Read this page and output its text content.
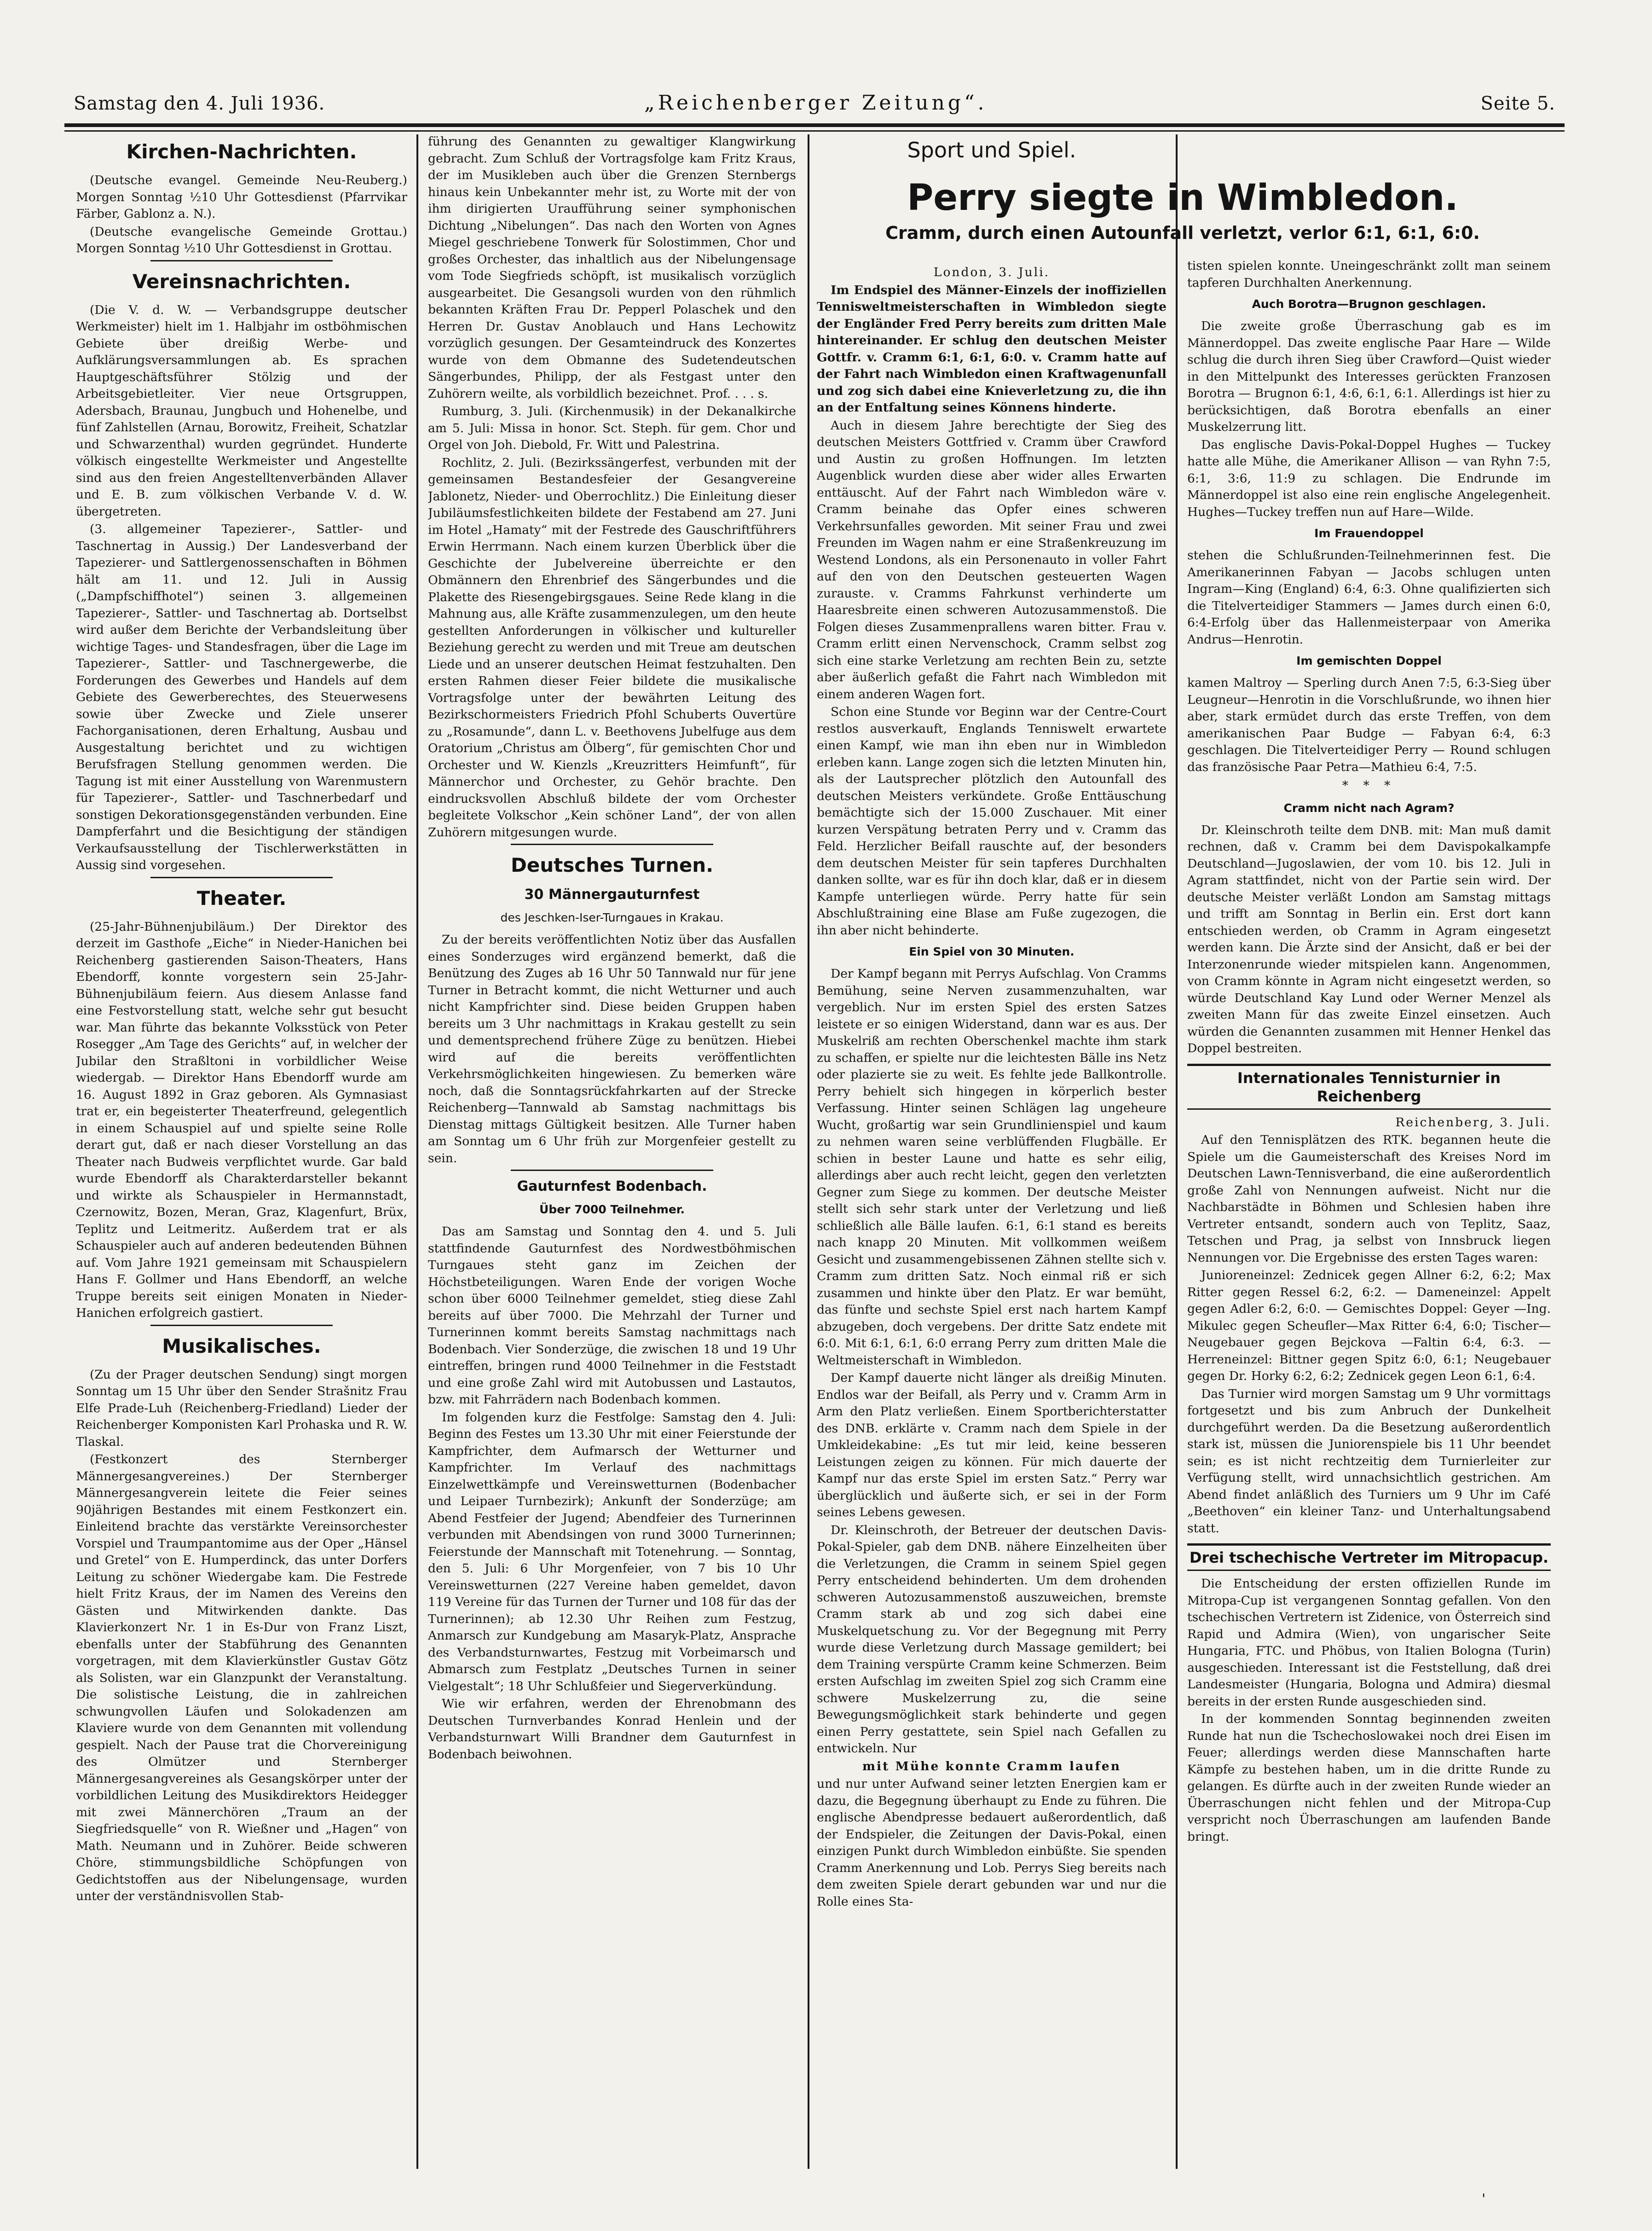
Samstag den 4. Juli 1936.	„Reichenberger Zeitung“.	Seite 5.
Kirchen-Nachrichten.

(Deutsche evangel. Gemeinde Neu-Reuberg.) Morgen Sonntag ½10 Uhr Gottesdienst (Pfarrvikar Färber, Gablonz a. N.).

(Deutsche evangelische Gemeinde Grottau.) Morgen Sonntag ½10 Uhr Gottesdienst in Grottau.

Vereinsnachrichten.

(Die V. d. W. — Verbandsgruppe deutscher Werkmeister) hielt im 1. Halbjahr im ostböhmischen Gebiete über dreißig Werbe- und Aufklärungsversammlungen ab. Es sprachen Hauptgeschäftsführer Stölzig und der Arbeitsgebietleiter. Vier neue Ortsgruppen, Adersbach, Braunau, Jungbuch und Hohenelbe, und fünf Zahlstellen (Arnau, Borowitz, Freiheit, Schatzlar und Schwarzenthal) wurden gegründet. Hunderte völkisch eingestellte Werkmeister und Angestellte sind aus den freien Angestelltenverbänden Allaver und E. B. zum völkischen Verbande V. d. W. übergetreten.

(3. allgemeiner Tapezierer-, Sattler- und Taschnertag in Aussig.) Der Landesverband der Tapezierer- und Sattlergenossenschaften in Böhmen hält am 11. und 12. Juli in Aussig („Dampfschiffhotel“) seinen 3. allgemeinen Tapezierer-, Sattler- und Taschnertag ab. Dortselbst wird außer dem Berichte der Verbandsleitung über wichtige Tages- und Standesfragen, über die Lage im Tapezierer-, Sattler- und Taschnergewerbe, die Forderungen des Gewerbes und Handels auf dem Gebiete des Gewerberechtes, des Steuerwesens sowie über Zwecke und Ziele unserer Fachorganisationen, deren Erhaltung, Ausbau und Ausgestaltung berichtet und zu wichtigen Berufsfragen Stellung genommen werden. Die Tagung ist mit einer Ausstellung von Warenmustern für Tapezierer-, Sattler- und Taschnerbedarf und sonstigen Dekorationsgegenständen verbunden. Eine Dampferfahrt und die Besichtigung der ständigen Verkaufsausstellung der Tischlerwerkstätten in Aussig sind vorgesehen.

Theater.

(25-Jahr-Bühnenjubiläum.) Der Direktor des derzeit im Gasthofe „Eiche“ in Nieder-Hanichen bei Reichenberg gastierenden Saison-Theaters, Hans Ebendorff, konnte vorgestern sein 25-Jahr-Bühnenjubiläum feiern. Aus diesem Anlasse fand eine Festvorstellung statt, welche sehr gut besucht war. Man führte das bekannte Volksstück von Peter Rosegger „Am Tage des Gerichts“ auf, in welcher der Jubilar den Straßltoni in vorbildlicher Weise wiedergab. — Direktor Hans Ebendorff wurde am 16. August 1892 in Graz geboren. Als Gymnasiast trat er, ein begeisterter Theaterfreund, gelegentlich in einem Schauspiel auf und spielte seine Rolle derart gut, daß er nach dieser Vorstellung an das Theater nach Budweis verpflichtet wurde. Gar bald wurde Ebendorff als Charakterdarsteller bekannt und wirkte als Schauspieler in Hermannstadt, Czernowitz, Bozen, Meran, Graz, Klagenfurt, Brüx, Teplitz und Leitmeritz. Außerdem trat er als Schauspieler auch auf anderen bedeutenden Bühnen auf. Vom Jahre 1921 gemeinsam mit Schauspielern Hans F. Gollmer und Hans Ebendorff, an welche Truppe bereits seit einigen Monaten in Nieder-Hanichen erfolgreich gastiert.

Musikalisches.

(Zu der Prager deutschen Sendung) singt morgen Sonntag um 15 Uhr über den Sender Strašnitz Frau Elfe Prade-Luh (Reichenberg-Friedland) Lieder der Reichenberger Komponisten Karl Prohaska und R. W. Tlaskal.

(Festkonzert des Sternberger Männergesangvereines.) Der Sternberger Männergesangverein leitete die Feier seines 90jährigen Bestandes mit einem Festkonzert ein. Einleitend brachte das verstärkte Vereinsorchester Vorspiel und Traumpantomime aus der Oper „Hänsel und Gretel“ von E. Humperdinck, das unter Dorfers Leitung zu schöner Wiedergabe kam. Die Festrede hielt Fritz Kraus, der im Namen des Vereins den Gästen und Mitwirkenden dankte. Das Klavierkonzert Nr. 1 in Es-Dur von Franz Liszt, ebenfalls unter der Stabführung des Genannten vorgetragen, mit dem Klavierkünstler Gustav Götz als Solisten, war ein Glanzpunkt der Veranstaltung. Die solistische Leistung, die in zahlreichen schwungvollen Läufen und Solokadenzen am Klaviere wurde von dem Genannten mit vollendung gespielt. Nach der Pause trat die Chorvereinigung des Olmützer und Sternberger Männergesangvereines als Gesangskörper unter der vorbildlichen Leitung des Musikdirektors Heidegger mit zwei Männerchören „Traum an der Siegfriedsquelle“ von R. Wießner und „Hagen“ von Math. Neumann und in Zuhörer. Beide schweren Chöre, stimmungsbildliche Schöpfungen von Gedichtstoffen aus der Nibelungensage, wurden unter der verständnisvollen Stab-

führung des Genannten zu gewaltiger Klangwirkung gebracht. Zum Schluß der Vortragsfolge kam Fritz Kraus, der im Musikleben auch über die Grenzen Sternbergs hinaus kein Unbekannter mehr ist, zu Worte mit der von ihm dirigierten Uraufführung seiner symphonischen Dichtung „Nibelungen“. Das nach den Worten von Agnes Miegel geschriebene Tonwerk für Solostimmen, Chor und großes Orchester, das inhaltlich aus der Nibelungensage vom Tode Siegfrieds schöpft, ist musikalisch vorzüglich ausgearbeitet. Die Gesangsoli wurden von den rühmlich bekannten Kräften Frau Dr. Pepperl Polaschek und den Herren Dr. Gustav Anoblauch und Hans Lechowitz vorzüglich gesungen. Der Gesamteindruck des Konzertes wurde von dem Obmanne des Sudetendeutschen Sängerbundes, Philipp, der als Festgast unter den Zuhörern weilte, als vorbildlich bezeichnet. Prof. . . . s.

Rumburg, 3. Juli. (Kirchenmusik) in der Dekanalkirche am 5. Juli: Missa in honor. Sct. Steph. für gem. Chor und Orgel von Joh. Diebold, Fr. Witt und Palestrina.

Rochlitz, 2. Juli. (Bezirkssängerfest, verbunden mit der gemeinsamen Bestandesfeier der Gesangvereine Jablonetz, Nieder- und Oberrochlitz.) Die Einleitung dieser Jubiläumsfestlichkeiten bildete der Festabend am 27. Juni im Hotel „Hamaty“ mit der Festrede des Gauschriftführers Erwin Herrmann. Nach einem kurzen Überblick über die Geschichte der Jubelvereine überreichte er den Obmännern den Ehrenbrief des Sängerbundes und die Plakette des Riesengebirgsgaues. Seine Rede klang in die Mahnung aus, alle Kräfte zusammenzulegen, um den heute gestellten Anforderungen in völkischer und kultureller Beziehung gerecht zu werden und mit Treue am deutschen Liede und an unserer deutschen Heimat festzuhalten. Den ersten Rahmen dieser Feier bildete die musikalische Vortragsfolge unter der bewährten Leitung des Bezirkschormeisters Friedrich Pfohl Schuberts Ouvertüre zu „Rosamunde“, dann L. v. Beethovens Jubelfuge aus dem Oratorium „Christus am Ölberg“, für gemischten Chor und Orchester und W. Kienzls „Kreuzritters Heimfunft“, für Männerchor und Orchester, zu Gehör brachte. Den eindrucksvollen Abschluß bildete der vom Orchester begleitete Volkschor „Kein schöner Land“, der von allen Zuhörern mitgesungen wurde.

Deutsches Turnen.
30 Männergauturnfest
des Jeschken-Iser-Turngaues in Krakau.

Zu der bereits veröffentlichten Notiz über das Ausfallen eines Sonderzuges wird ergänzend bemerkt, daß die Benützung des Zuges ab 16 Uhr 50 Tannwald nur für jene Turner in Betracht kommt, die nicht Wetturner und auch nicht Kampfrichter sind. Diese beiden Gruppen haben bereits um 3 Uhr nachmittags in Krakau gestellt zu sein und dementsprechend frühere Züge zu benützen. Hiebei wird auf die bereits veröffentlichten Verkehrsmöglichkeiten hingewiesen. Zu bemerken wäre noch, daß die Sonntagsrückfahrkarten auf der Strecke Reichenberg—Tannwald ab Samstag nachmittags bis Dienstag mittags Gültigkeit besitzen. Alle Turner haben am Sonntag um 6 Uhr früh zur Morgenfeier gestellt zu sein.

Gauturnfest Bodenbach.
Über 7000 Teilnehmer.

Das am Samstag und Sonntag den 4. und 5. Juli stattfindende Gauturnfest des Nordwestböhmischen Turngaues steht ganz im Zeichen der Höchstbeteiligungen. Waren Ende der vorigen Woche schon über 6000 Teilnehmer gemeldet, stieg diese Zahl bereits auf über 7000. Die Mehrzahl der Turner und Turnerinnen kommt bereits Samstag nachmittags nach Bodenbach. Vier Sonderzüge, die zwischen 18 und 19 Uhr eintreffen, bringen rund 4000 Teilnehmer in die Feststadt und eine große Zahl wird mit Autobussen und Lastautos, bzw. mit Fahrrädern nach Bodenbach kommen.

Im folgenden kurz die Festfolge: Samstag den 4. Juli: Beginn des Festes um 13.30 Uhr mit einer Feierstunde der Kampfrichter, dem Aufmarsch der Wetturner und Kampfrichter. Im Verlauf des nachmittags Einzelwettkämpfe und Vereinswetturnen (Bodenbacher und Leipaer Turnbezirk); Ankunft der Sonderzüge; am Abend Festfeier der Jugend; Abendfeier des Turnerinnen verbunden mit Abendsingen von rund 3000 Turnerinnen; Feierstunde der Mannschaft mit Totenehrung. — Sonntag, den 5. Juli: 6 Uhr Morgenfeier, von 7 bis 10 Uhr Vereinswetturnen (227 Vereine haben gemeldet, davon 119 Vereine für das Turnen der Turner und 108 für das der Turnerinnen); ab 12.30 Uhr Reihen zum Festzug, Anmarsch zur Kundgebung am Masaryk-Platz, Ansprache des Verbandsturnwartes, Festzug mit Vorbeimarsch und Abmarsch zum Festplatz „Deutsches Turnen in seiner Vielgestalt“; 18 Uhr Schlußfeier und Siegerverkündung.

Wie wir erfahren, werden der Ehrenobmann des Deutschen Turnverbandes Konrad Henlein und der Verbandsturnwart Willi Brandner dem Gauturnfest in Bodenbach beiwohnen.

Sport und Spiel.

London, 3. Juli.

Im Endspiel des Männer-Einzels der inoffiziellen Tennisweltmeisterschaften in Wimbledon siegte der Engländer Fred Perry bereits zum dritten Male hintereinander. Er schlug den deutschen Meister Gottfr. v. Cramm 6:1, 6:1, 6:0. v. Cramm hatte auf der Fahrt nach Wimbledon einen Kraftwagenunfall und zog sich dabei eine Knieverletzung zu, die ihn an der Entfaltung seines Könnens hinderte.

Auch in diesem Jahre berechtigte der Sieg des deutschen Meisters Gottfried v. Cramm über Crawford und Austin zu großen Hoffnungen. Im letzten Augenblick wurden diese aber wider alles Erwarten enttäuscht. Auf der Fahrt nach Wimbledon wäre v. Cramm beinahe das Opfer eines schweren Verkehrsunfalles geworden. Mit seiner Frau und zwei Freunden im Wagen nahm er eine Straßenkreuzung im Westend Londons, als ein Personenauto in voller Fahrt auf den von den Deutschen gesteuerten Wagen zurauste. v. Cramms Fahrkunst verhinderte um Haaresbreite einen schweren Autozusammenstoß. Die Folgen dieses Zusammenprallens waren bitter. Frau v. Cramm erlitt einen Nervenschock, Cramm selbst zog sich eine starke Verletzung am rechten Bein zu, setzte aber äußerlich gefaßt die Fahrt nach Wimbledon mit einem anderen Wagen fort.

Schon eine Stunde vor Beginn war der Centre-Court restlos ausverkauft, Englands Tenniswelt erwartete einen Kampf, wie man ihn eben nur in Wimbledon erleben kann. Lange zogen sich die letzten Minuten hin, als der Lautsprecher plötzlich den Autounfall des deutschen Meisters verkündete. Große Enttäuschung bemächtigte sich der 15.000 Zuschauer. Mit einer kurzen Verspätung betraten Perry und v. Cramm das Feld. Herzlicher Beifall rauschte auf, der besonders dem deutschen Meister für sein tapferes Durchhalten danken sollte, war es für ihn doch klar, daß er in diesem Kampfe unterliegen würde. Perry hatte für sein Abschlußtraining eine Blase am Fuße zugezogen, die ihn aber nicht behinderte.

Ein Spiel von 30 Minuten.

Der Kampf begann mit Perrys Aufschlag. Von Cramms Bemühung, seine Nerven zusammenzuhalten, war vergeblich. Nur im ersten Spiel des ersten Satzes leistete er so einigen Widerstand, dann war es aus. Der Muskelriß am rechten Oberschenkel machte ihm stark zu schaffen, er spielte nur die leichtesten Bälle ins Netz oder plazierte sie zu weit. Es fehlte jede Ballkontrolle. Perry behielt sich hingegen in körperlich bester Verfassung. Hinter seinen Schlägen lag ungeheure Wucht, großartig war sein Grundlinienspiel und kaum zu nehmen waren seine verblüffenden Flugbälle. Er schien in bester Laune und hatte es sehr eilig, allerdings aber auch recht leicht, gegen den verletzten Gegner zum Siege zu kommen. Der deutsche Meister stellt sich sehr stark unter der Verletzung und ließ schließlich alle Bälle laufen. 6:1, 6:1 stand es bereits nach knapp 20 Minuten. Mit vollkommen weißem Gesicht und zusammengebissenen Zähnen stellte sich v. Cramm zum dritten Satz. Noch einmal riß er sich zusammen und hinkte über den Platz. Er war bemüht, das fünfte und sechste Spiel erst nach hartem Kampf abzugeben, doch vergebens. Der dritte Satz endete mit 6:0. Mit 6:1, 6:1, 6:0 errang Perry zum dritten Male die Weltmeisterschaft in Wimbledon.

Der Kampf dauerte nicht länger als dreißig Minuten. Endlos war der Beifall, als Perry und v. Cramm Arm in Arm den Platz verließen. Einem Sportberichterstatter des DNB. erklärte v. Cramm nach dem Spiele in der Umkleidekabine: „Es tut mir leid, keine besseren Leistungen zeigen zu können. Für mich dauerte der Kampf nur das erste Spiel im ersten Satz.“ Perry war überglücklich und äußerte sich, er sei in der Form seines Lebens gewesen.

Dr. Kleinschroth, der Betreuer der deutschen Davis-Pokal-Spieler, gab dem DNB. nähere Einzelheiten über die Verletzungen, die Cramm in seinem Spiel gegen Perry entscheidend behinderten. Um dem drohenden schweren Autozusammenstoß auszuweichen, bremste Cramm stark ab und zog sich dabei eine Muskelquetschung zu. Vor der Begegnung mit Perry wurde diese Verletzung durch Massage gemildert; bei dem Training verspürte Cramm keine Schmerzen. Beim ersten Aufschlag im zweiten Spiel zog sich Cramm eine schwere Muskelzerrung zu, die seine Bewegungsmöglichkeit stark behinderte und gegen einen Perry gestattete, sein Spiel nach Gefallen zu entwickeln. Nur

mit Mühe konnte Cramm laufen

und nur unter Aufwand seiner letzten Energien kam er dazu, die Begegnung überhaupt zu Ende zu führen. Die englische Abendpresse bedauert außerordentlich, daß der Endspieler, die Zeitungen der Davis-Pokal, einen einzigen Punkt durch Wimbledon einbüßte. Sie spenden Cramm Anerkennung und Lob. Perrys Sieg bereits nach dem zweiten Spiele derart gebunden war und nur die Rolle eines Sta-

Perry siegte in Wimbledon.
Cramm, durch einen Autounfall verletzt, verlor 6:1, 6:1, 6:0.

tisten spielen konnte. Uneingeschränkt zollt man seinem tapferen Durchhalten Anerkennung.

Auch Borotra—Brugnon geschlagen.

Die zweite große Überraschung gab es im Männerdoppel. Das zweite englische Paar Hare — Wilde schlug die durch ihren Sieg über Crawford—Quist wieder in den Mittelpunkt des Interesses gerückten Franzosen Borotra — Brugnon 6:1, 4:6, 6:1, 6:1. Allerdings ist hier zu berücksichtigen, daß Borotra ebenfalls an einer Muskelzerrung litt.

Das englische Davis-Pokal-Doppel Hughes — Tuckey hatte alle Mühe, die Amerikaner Allison — van Ryhn 7:5, 6:1, 3:6, 11:9 zu schlagen. Die Endrunde im Männerdoppel ist also eine rein englische Angelegenheit. Hughes—Tuckey treffen nun auf Hare—Wilde.

Im Frauendoppel

stehen die Schlußrunden-Teilnehmerinnen fest. Die Amerikanerinnen Fabyan — Jacobs schlugen unten Ingram—King (England) 6:4, 6:3. Ohne qualifizierten sich die Titelverteidiger Stammers — James durch einen 6:0, 6:4-Erfolg über das Hallenmeisterpaar von Amerika Andrus—Henrotin.

Im gemischten Doppel

kamen Maltroy — Sperling durch Anen 7:5, 6:3-Sieg über Leugneur—Henrotin in die Vorschlußrunde, wo ihnen hier aber, stark ermüdet durch das erste Treffen, von dem amerikanischen Paar Budge — Fabyan 6:4, 6:3 geschlagen. Die Titelverteidiger Perry — Round schlugen das französische Paar Petra—Mathieu 6:4, 7:5.

* * *
Cramm nicht nach Agram?

Dr. Kleinschroth teilte dem DNB. mit: Man muß damit rechnen, daß v. Cramm bei dem Davispokalkampfe Deutschland—Jugoslawien, der vom 10. bis 12. Juli in Agram stattfindet, nicht von der Partie sein wird. Der deutsche Meister verläßt London am Samstag mittags und trifft am Sonntag in Berlin ein. Erst dort kann entschieden werden, ob Cramm in Agram eingesetzt werden kann. Die Ärzte sind der Ansicht, daß er bei der Interzonenrunde wieder mitspielen kann. Angenommen, von Cramm könnte in Agram nicht eingesetzt werden, so würde Deutschland Kay Lund oder Werner Menzel als zweiten Mann für das zweite Einzel einsetzen. Auch würden die Genannten zusammen mit Henner Henkel das Doppel bestreiten.

Internationales Tennisturnier in Reichenberg

Reichenberg, 3. Juli.

Auf den Tennisplätzen des RTK. begannen heute die Spiele um die Gaumeisterschaft des Kreises Nord im Deutschen Lawn-Tennisverband, die eine außerordentlich große Zahl von Nennungen aufweist. Nicht nur die Nachbarstädte in Böhmen und Schlesien haben ihre Vertreter entsandt, sondern auch von Teplitz, Saaz, Tetschen und Prag, ja selbst von Innsbruck liegen Nennungen vor. Die Ergebnisse des ersten Tages waren:

Junioreneinzel: Zednicek gegen Allner 6:2, 6:2; Max Ritter gegen Ressel 6:2, 6:2. — Dameneinzel: Appelt gegen Adler 6:2, 6:0. — Gemischtes Doppel: Geyer —Ing. Mikulec gegen Scheufler—Max Ritter 6:4, 6:0; Tischer—Neugebauer gegen Bejckova —Faltin 6:4, 6:3. — Herreneinzel: Bittner gegen Spitz 6:0, 6:1; Neugebauer gegen Dr. Horky 6:2, 6:2; Zednicek gegen Leon 6:1, 6:4.

Das Turnier wird morgen Samstag um 9 Uhr vormittags fortgesetzt und bis zum Anbruch der Dunkelheit durchgeführt werden. Da die Besetzung außerordentlich stark ist, müssen die Juniorenspiele bis 11 Uhr beendet sein; es ist nicht rechtzeitig dem Turnierleiter zur Verfügung stellt, wird unnachsichtlich gestrichen. Am Abend findet anläßlich des Turniers um 9 Uhr im Café „Beethoven“ ein kleiner Tanz- und Unterhaltungsabend statt.

Drei tschechische Vertreter im Mitropacup.

Die Entscheidung der ersten offiziellen Runde im Mitropa-Cup ist vergangenen Sonntag gefallen. Von den tschechischen Vertretern ist Zidenice, von Österreich sind Rapid und Admira (Wien), von ungarischer Seite Hungaria, FTC. und Phöbus, von Italien Bologna (Turin) ausgeschieden. Interessant ist die Feststellung, daß drei Landesmeister (Hungaria, Bologna und Admira) diesmal bereits in der ersten Runde ausgeschieden sind.

In der kommenden Sonntag beginnenden zweiten Runde hat nun die Tschechoslowakei noch drei Eisen im Feuer; allerdings werden diese Mannschaften harte Kämpfe zu bestehen haben, um in die dritte Runde zu gelangen. Es dürfte auch in der zweiten Runde wieder an Überraschungen nicht fehlen und der Mitropa-Cup verspricht noch Überraschungen am laufenden Bande bringt.

'
